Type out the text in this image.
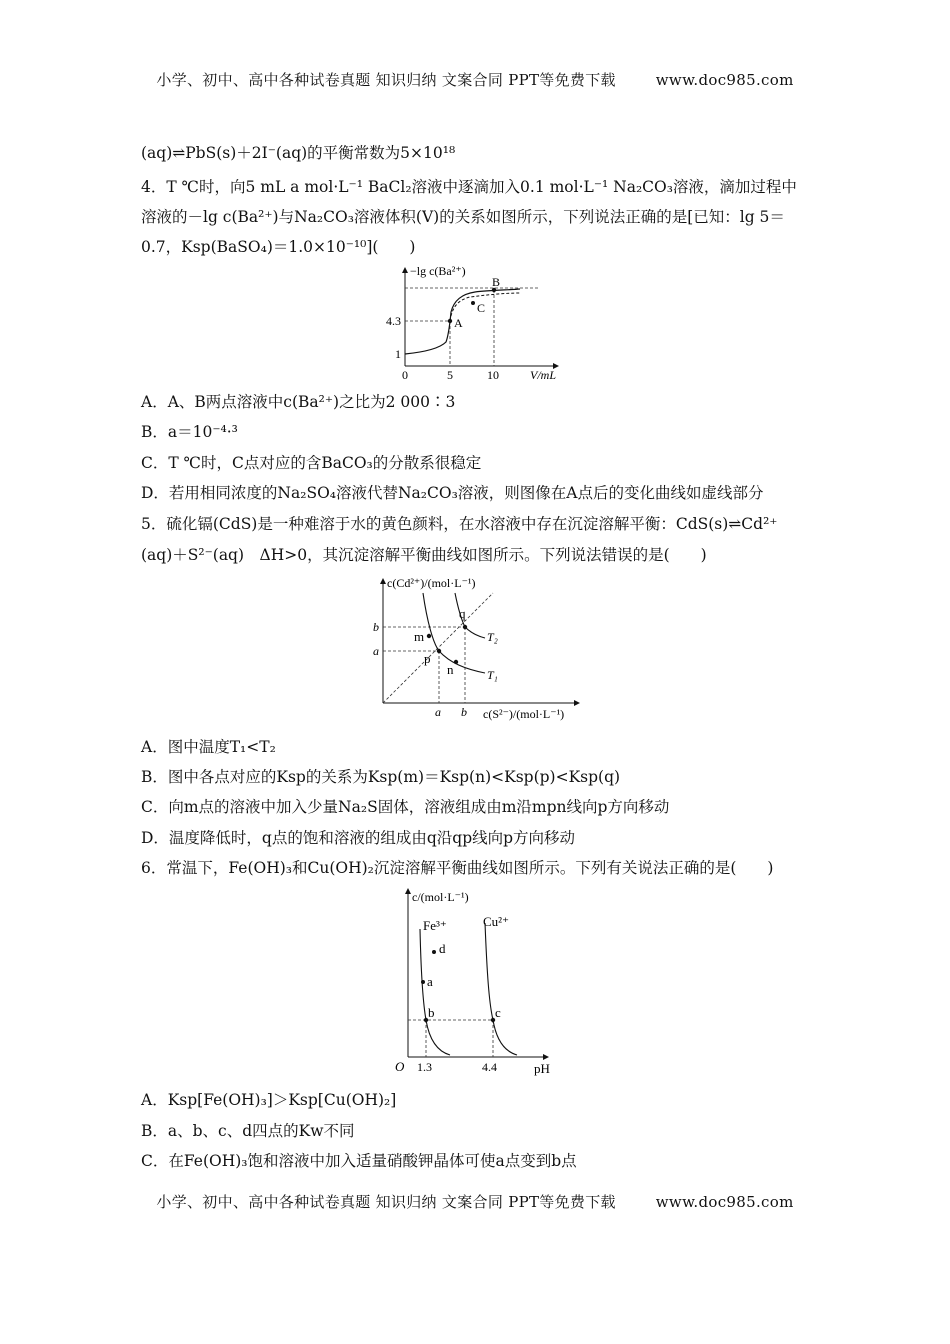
小学、初中、高中各种试卷真题 知识归纳 文案合同 PPT等免费下载	www.doc985.com
(aq)⇌PbS(s)＋2I⁻(aq)的平衡常数为5×10¹⁸
4．T ℃时，向5 mL a mol·L⁻¹ BaCl₂溶液中逐滴加入0.1 mol·L⁻¹ Na₂CO₃溶液，滴加过程中
溶液的－lg c(Ba²⁺)与Na₂CO₃溶液体积(V)的关系如图所示，下列说法正确的是[已知：lg 5＝
0.7，Ksp(BaSO₄)＝1.0×10⁻¹⁰](　　)
−lg c(Ba²⁺)
B
C
A
4.3
1
0	5	10	V/mL
A．A、B两点溶液中c(Ba²⁺)之比为2 000∶3
B．a＝10⁻⁴·³
C．T ℃时，C点对应的含BaCO₃的分散系很稳定
D．若用相同浓度的Na₂SO₄溶液代替Na₂CO₃溶液，则图像在A点后的变化曲线如虚线部分
5．硫化镉(CdS)是一种难溶于水的黄色颜料，在水溶液中存在沉淀溶解平衡：CdS(s)⇌Cd²⁺
(aq)＋S²⁻(aq)　ΔH>0，其沉淀溶解平衡曲线如图所示。下列说法错误的是(　　)
c(Cd²⁺)/(mol·L⁻¹)
q
T₂
m
p
n	T₁
b
a
a b c(S²⁻)/(mol·L⁻¹)
A．图中温度T₁<T₂
B．图中各点对应的Ksp的关系为Ksp(m)＝Ksp(n)<Ksp(p)<Ksp(q)
C．向m点的溶液中加入少量Na₂S固体，溶液组成由m沿mpn线向p方向移动
D．温度降低时，q点的饱和溶液的组成由q沿qp线向p方向移动
6．常温下，Fe(OH)₃和Cu(OH)₂沉淀溶解平衡曲线如图所示。下列有关说法正确的是(　　)
c/(mol·L⁻¹)
Fe³⁺	Cu²⁺
d
a
b	c
O 1.3	4.4	pH
A．Ksp[Fe(OH)₃]＞Ksp[Cu(OH)₂]
B．a、b、c、d四点的Kw不同
C．在Fe(OH)₃饱和溶液中加入适量硝酸钾晶体可使a点变到b点
小学、初中、高中各种试卷真题 知识归纳 文案合同 PPT等免费下载	www.doc985.com
